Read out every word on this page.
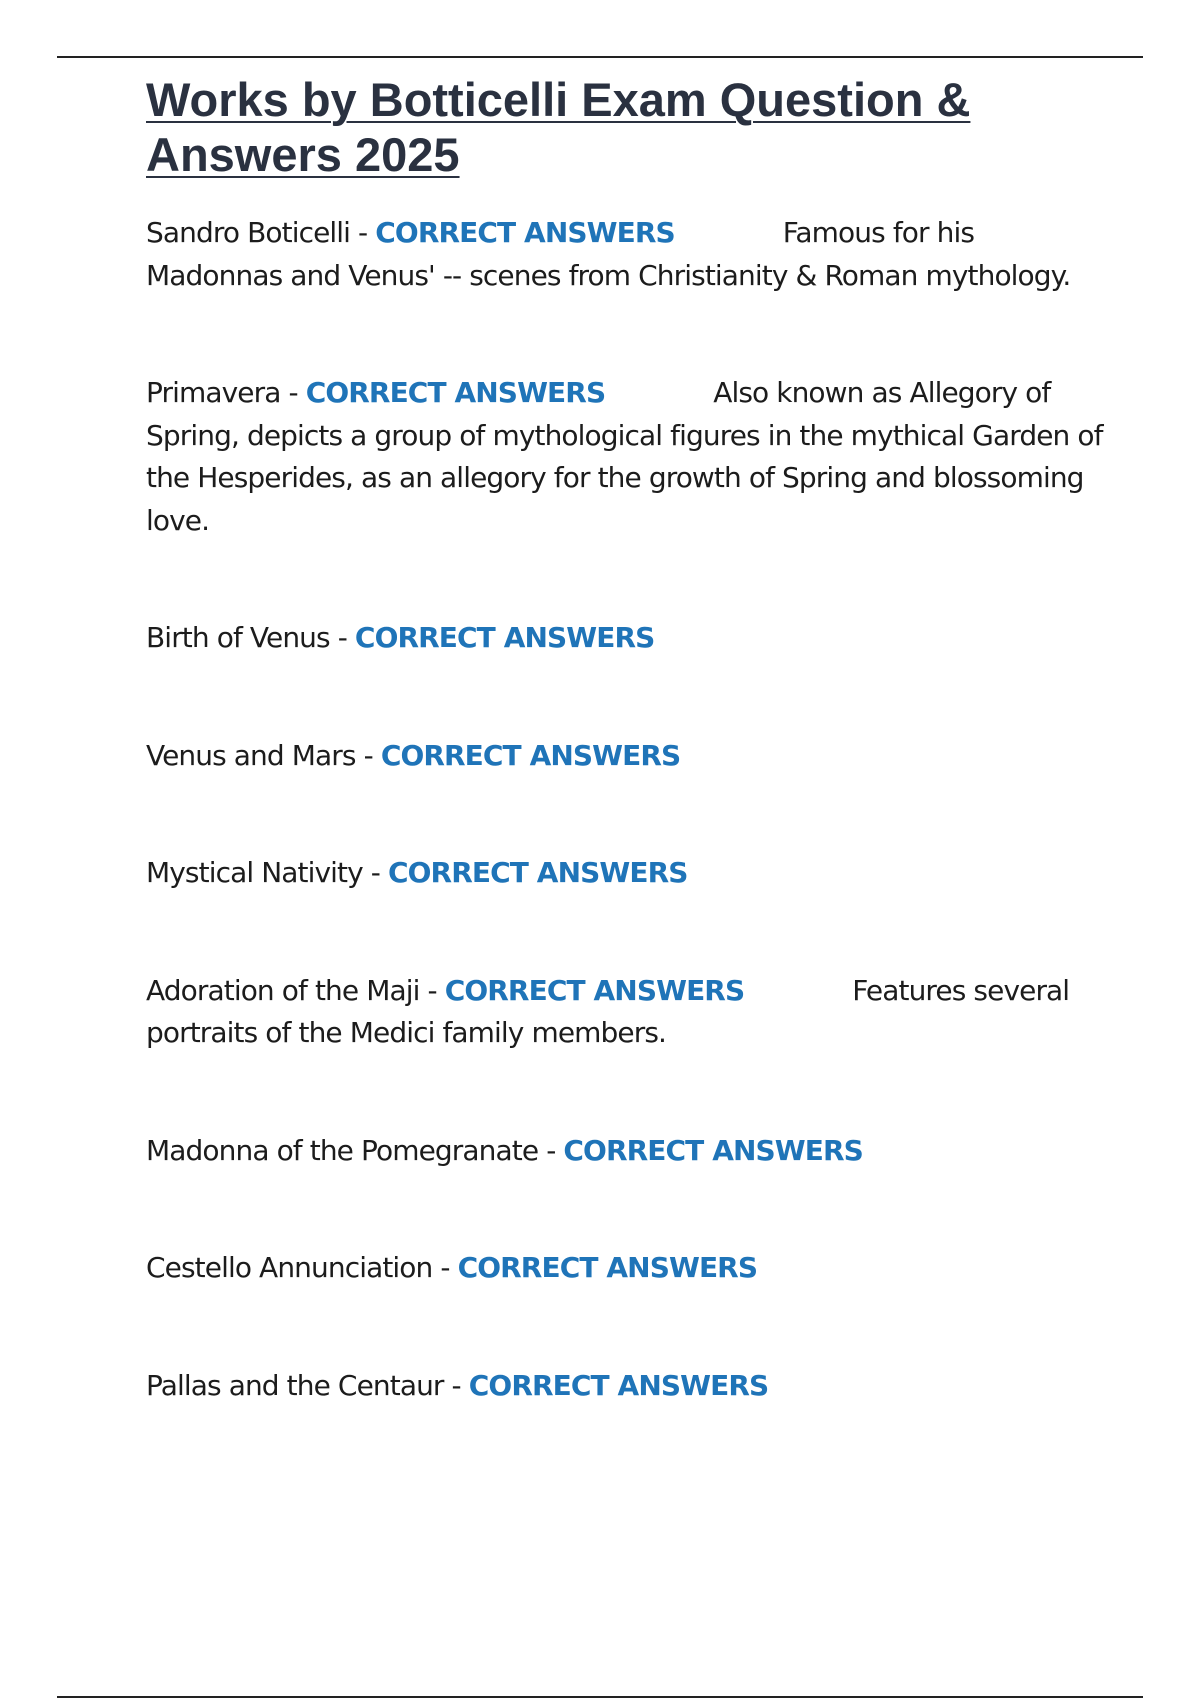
Works by Botticelli Exam Question & Answers 2025

Sandro Boticelli - CORRECT ANSWERS	Famous for his Madonnas and Venus' -- scenes from Christianity & Roman mythology.

Primavera - CORRECT ANSWERS	Also known as Allegory of Spring, depicts a group of mythological figures in the mythical Garden of the Hesperides, as an allegory for the growth of Spring and blossoming love.

Birth of Venus - CORRECT ANSWERS

Venus and Mars - CORRECT ANSWERS

Mystical Nativity - CORRECT ANSWERS

Adoration of the Maji - CORRECT ANSWERS	Features several portraits of the Medici family members.

Madonna of the Pomegranate - CORRECT ANSWERS

Cestello Annunciation - CORRECT ANSWERS

Pallas and the Centaur - CORRECT ANSWERS
